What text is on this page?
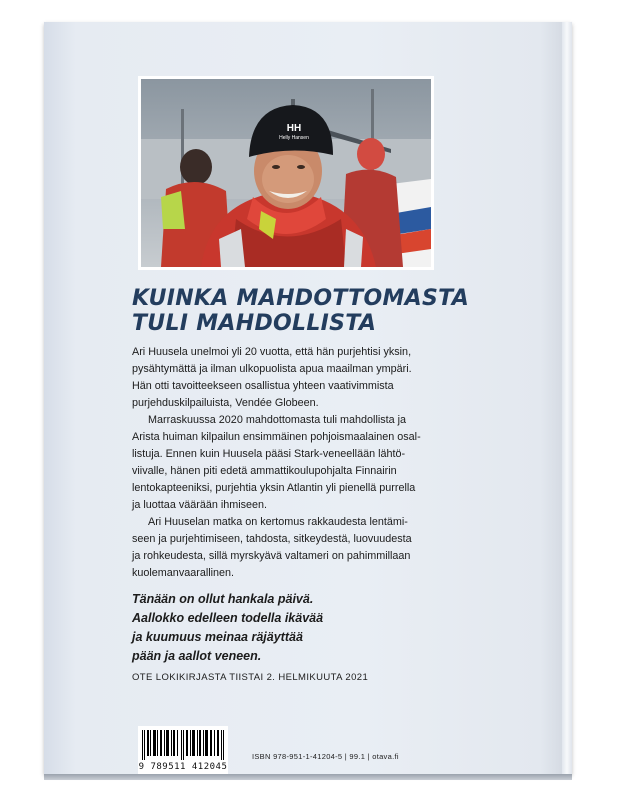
HH
Helly Hansen
KUINKA MAHDOTTOMASTA
TULI MAHDOLLISTA

Ari Huusela unelmoi yli 20 vuotta, että hän purjehtisi yksin,
pysähtymättä ja ilman ulkopuolista apua maailman ympäri.
Hän otti tavoitteekseen osallistua yhteen vaativimmista
purjehduskilpailuista, Vendée Globeen.

Marraskuussa 2020 mahdottomasta tuli mahdollista ja
Arista huiman kilpailun ensimmäinen pohjoismaalainen osal-
listuja. Ennen kuin Huusela pääsi Stark-veneellään lähtö-
viivalle, hänen piti edetä ammattikoulupohjalta Finnairin
lentokapteeniksi, purjehtia yksin Atlantin yli pienellä purrella
ja luottaa väärään ihmiseen.

Ari Huuselan matka on kertomus rakkaudesta lentämi-
seen ja purjehtimiseen, tahdosta, sitkeydestä, luovuudesta
ja rohkeudesta, sillä myrskyävä valtameri on pahimmillaan
kuolemanvaarallinen.

Tänään on ollut hankala päivä.
Aallokko edelleen todella ikävää
ja kuumuus meinaa räjäyttää
pään ja aallot veneen.
OTE LOKIKIRJASTA TIISTAI 2. HELMIKUUTA 2021
9 789511 412045
ISBN 978-951-1-41204-5 | 99.1 | otava.fi
